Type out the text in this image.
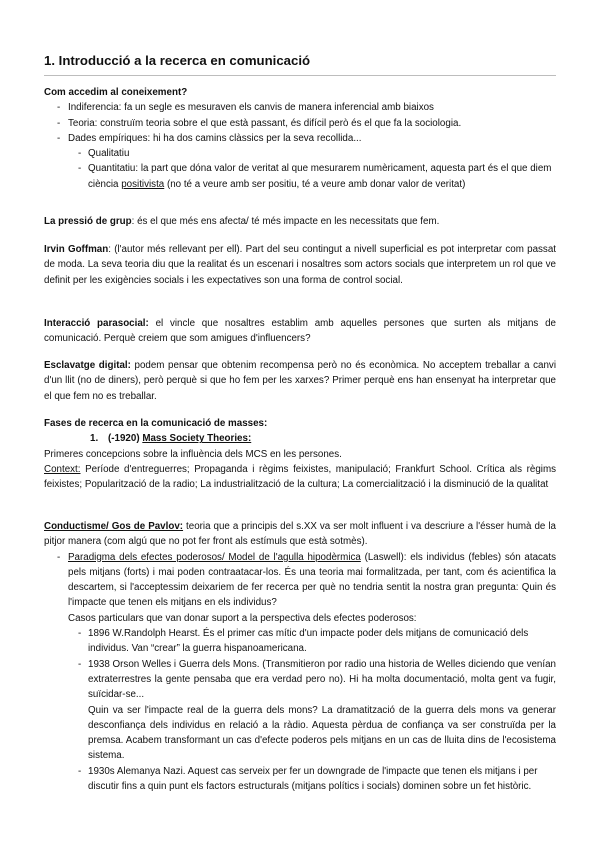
1. Introducció a la recerca en comunicació

Com accedim al coneixement?

- Indiferencia: fa un segle es mesuraven els canvis de manera inferencial amb biaixos
- Teoria: construïm teoria sobre el que està passant, és difícil però és el que fa la sociologia.
- Dades empíriques: hi ha dos camins clàssics per la seva recollida...
- Qualitatiu
- Quantitatiu: la part que dóna valor de veritat al que mesurarem numèricament, aquesta part és el que diem ciència positivista (no té a veure amb ser positiu, té a veure amb donar valor de veritat)

La pressió de grup: és el que més ens afecta/ té més impacte en les necessitats que fem.

Irvin Goffman: (l'autor més rellevant per ell). Part del seu contingut a nivell superficial es pot interpretar com passat de moda. La seva teoria diu que la realitat és un escenari i nosaltres som actors socials que interpretem un rol que ve definit per les exigències socials i les expectatives son una forma de control social.

Interacció parasocial: el vincle que nosaltres establim amb aquelles persones que surten als mitjans de comunicació. Perquè creiem que som amigues d'influencers?

Esclavatge digital: podem pensar que obtenim recompensa però no és econòmica. No acceptem treballar a canvi d'un llit (no de diners), però perquè si que ho fem per les xarxes? Primer perquè ens han ensenyat ha interpretar que el que fem no es treballar.

Fases de recerca en la comunicació de masses:

1. (-1920) Mass Society Theories:

Primeres concepcions sobre la influència dels MCS en les persones.

Context: Període d'entreguerres; Propaganda i règims feixistes, manipulació; Frankfurt School. Crítica als règims feixistes; Popularització de la radio; La industrialització de la cultura; La comercialització i la disminució de la qualitat

Conductisme/ Gos de Pavlov: teoria que a principis del s.XX va ser molt influent i va descriure a l'ésser humà de la pitjor manera (com algú que no pot fer front als estímuls que està sotmès).

- Paradigma dels efectes poderosos/ Model de l'agulla hipodèrmica (Laswell): els individus (febles) són atacats pels mitjans (forts) i mai poden contraatacar-los. És una teoria mai formalitzada, per tant, com és acientifica la descartem, si l'acceptessim deixariem de fer recerca per què no tendria sentit la nostra gran pregunta: Quin és l'impacte que tenen els mitjans en els individus?

Casos particulars que van donar suport a la perspectiva dels efectes poderosos:

- 1896 W.Randolph Hearst. És el primer cas mític d'un impacte poder dels mitjans de comunicació dels individus. Van “crear” la guerra hispanoamericana.

- 1938 Orson Welles i Guerra dels Mons. (Transmitieron por radio una historia de Welles diciendo que venían extraterrestres la gente pensaba que era verdad pero no). Hi ha molta documentació, molta gent va fugir, suïcidar-se...

Quin va ser l'impacte real de la guerra dels mons? La dramatització de la guerra dels mons va generar desconfiança dels individus en relació a la ràdio. Aquesta pèrdua de confiança va ser construïda per la premsa. Acabem transformant un cas d'efecte poderos pels mitjans en un cas de lluita dins de l'ecosistema sistema.

- 1930s Alemanya Nazi. Aquest cas serveix per fer un downgrade de l'impacte que tenen els mitjans i per discutir fins a quin punt els factors estructurals (mitjans polítics i socials) dominen sobre un fet històric.
